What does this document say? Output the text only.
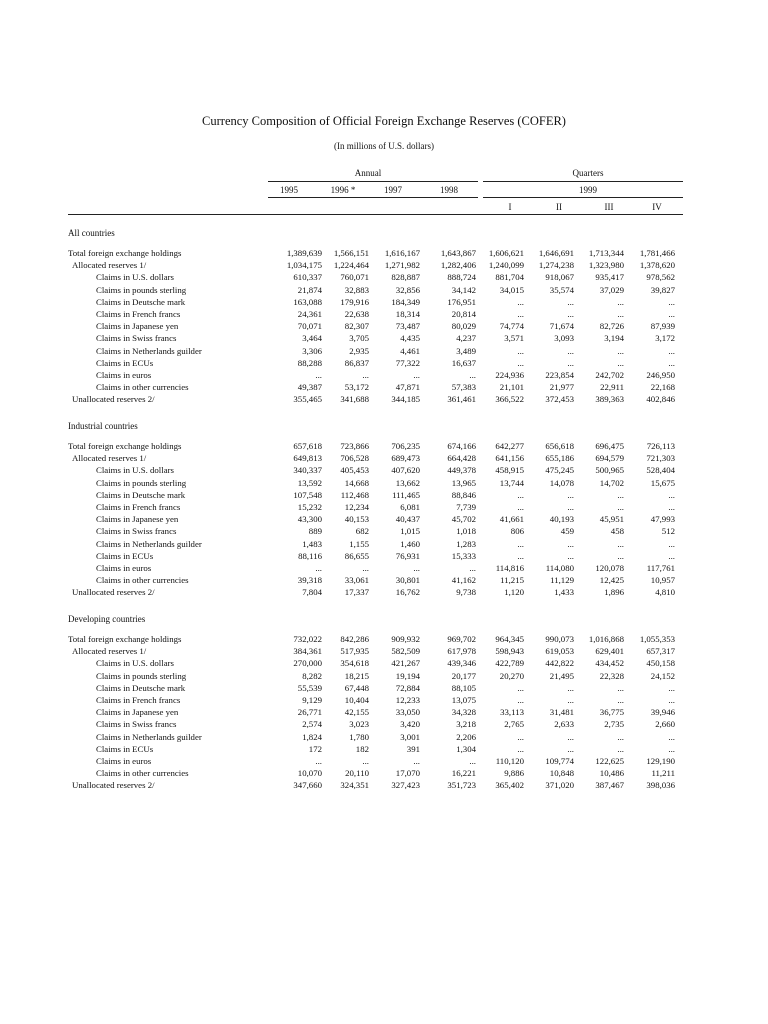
Currency Composition of Official Foreign Exchange Reserves (COFER)
(In millions of U.S. dollars)
Annual	Quarters
1995	1996 *	1997	1998	1999
I	II	III	IV
All countries
Total foreign exchange holdings	1,389,639	1,566,151	1,616,167	1,643,867	1,606,621	1,646,691	1,713,344	1,781,466
Allocated reserves 1/	1,034,175	1,224,464	1,271,982	1,282,406	1,240,099	1,274,238	1,323,980	1,378,620
Claims in U.S. dollars	610,337	760,071	828,887	888,724	881,704	918,067	935,417	978,562
Claims in pounds sterling	21,874	32,883	32,856	34,142	34,015	35,574	37,029	39,827
Claims in Deutsche mark	163,088	179,916	184,349	176,951	...	...	...	...
Claims in French francs	24,361	22,638	18,314	20,814	...	...	...	...
Claims in Japanese yen	70,071	82,307	73,487	80,029	74,774	71,674	82,726	87,939
Claims in Swiss francs	3,464	3,705	4,435	4,237	3,571	3,093	3,194	3,172
Claims in Netherlands guilder	3,306	2,935	4,461	3,489	...	...	...	...
Claims in ECUs	88,288	86,837	77,322	16,637	...	...	...	...
Claims in euros	...	...	...	...	224,936	223,854	242,702	246,950
Claims in other currencies	49,387	53,172	47,871	57,383	21,101	21,977	22,911	22,168
Unallocated reserves 2/	355,465	341,688	344,185	361,461	366,522	372,453	389,363	402,846
Industrial countries
Total foreign exchange holdings	657,618	723,866	706,235	674,166	642,277	656,618	696,475	726,113
Allocated reserves 1/	649,813	706,528	689,473	664,428	641,156	655,186	694,579	721,303
Claims in U.S. dollars	340,337	405,453	407,620	449,378	458,915	475,245	500,965	528,404
Claims in pounds sterling	13,592	14,668	13,662	13,965	13,744	14,078	14,702	15,675
Claims in Deutsche mark	107,548	112,468	111,465	88,846	...	...	...	...
Claims in French francs	15,232	12,234	6,081	7,739	...	...	...	...
Claims in Japanese yen	43,300	40,153	40,437	45,702	41,661	40,193	45,951	47,993
Claims in Swiss francs	889	682	1,015	1,018	806	459	458	512
Claims in Netherlands guilder	1,483	1,155	1,460	1,283	...	...	...	...
Claims in ECUs	88,116	86,655	76,931	15,333	...	...	...	...
Claims in euros	...	...	...	...	114,816	114,080	120,078	117,761
Claims in other currencies	39,318	33,061	30,801	41,162	11,215	11,129	12,425	10,957
Unallocated reserves 2/	7,804	17,337	16,762	9,738	1,120	1,433	1,896	4,810
Developing countries
Total foreign exchange holdings	732,022	842,286	909,932	969,702	964,345	990,073	1,016,868	1,055,353
Allocated reserves 1/	384,361	517,935	582,509	617,978	598,943	619,053	629,401	657,317
Claims in U.S. dollars	270,000	354,618	421,267	439,346	422,789	442,822	434,452	450,158
Claims in pounds sterling	8,282	18,215	19,194	20,177	20,270	21,495	22,328	24,152
Claims in Deutsche mark	55,539	67,448	72,884	88,105	...	...	...	...
Claims in French francs	9,129	10,404	12,233	13,075	...	...	...	...
Claims in Japanese yen	26,771	42,155	33,050	34,328	33,113	31,481	36,775	39,946
Claims in Swiss francs	2,574	3,023	3,420	3,218	2,765	2,633	2,735	2,660
Claims in Netherlands guilder	1,824	1,780	3,001	2,206	...	...	...	...
Claims in ECUs	172	182	391	1,304	...	...	...	...
Claims in euros	...	...	...	...	110,120	109,774	122,625	129,190
Claims in other currencies	10,070	20,110	17,070	16,221	9,886	10,848	10,486	11,211
Unallocated reserves 2/	347,660	324,351	327,423	351,723	365,402	371,020	387,467	398,036
